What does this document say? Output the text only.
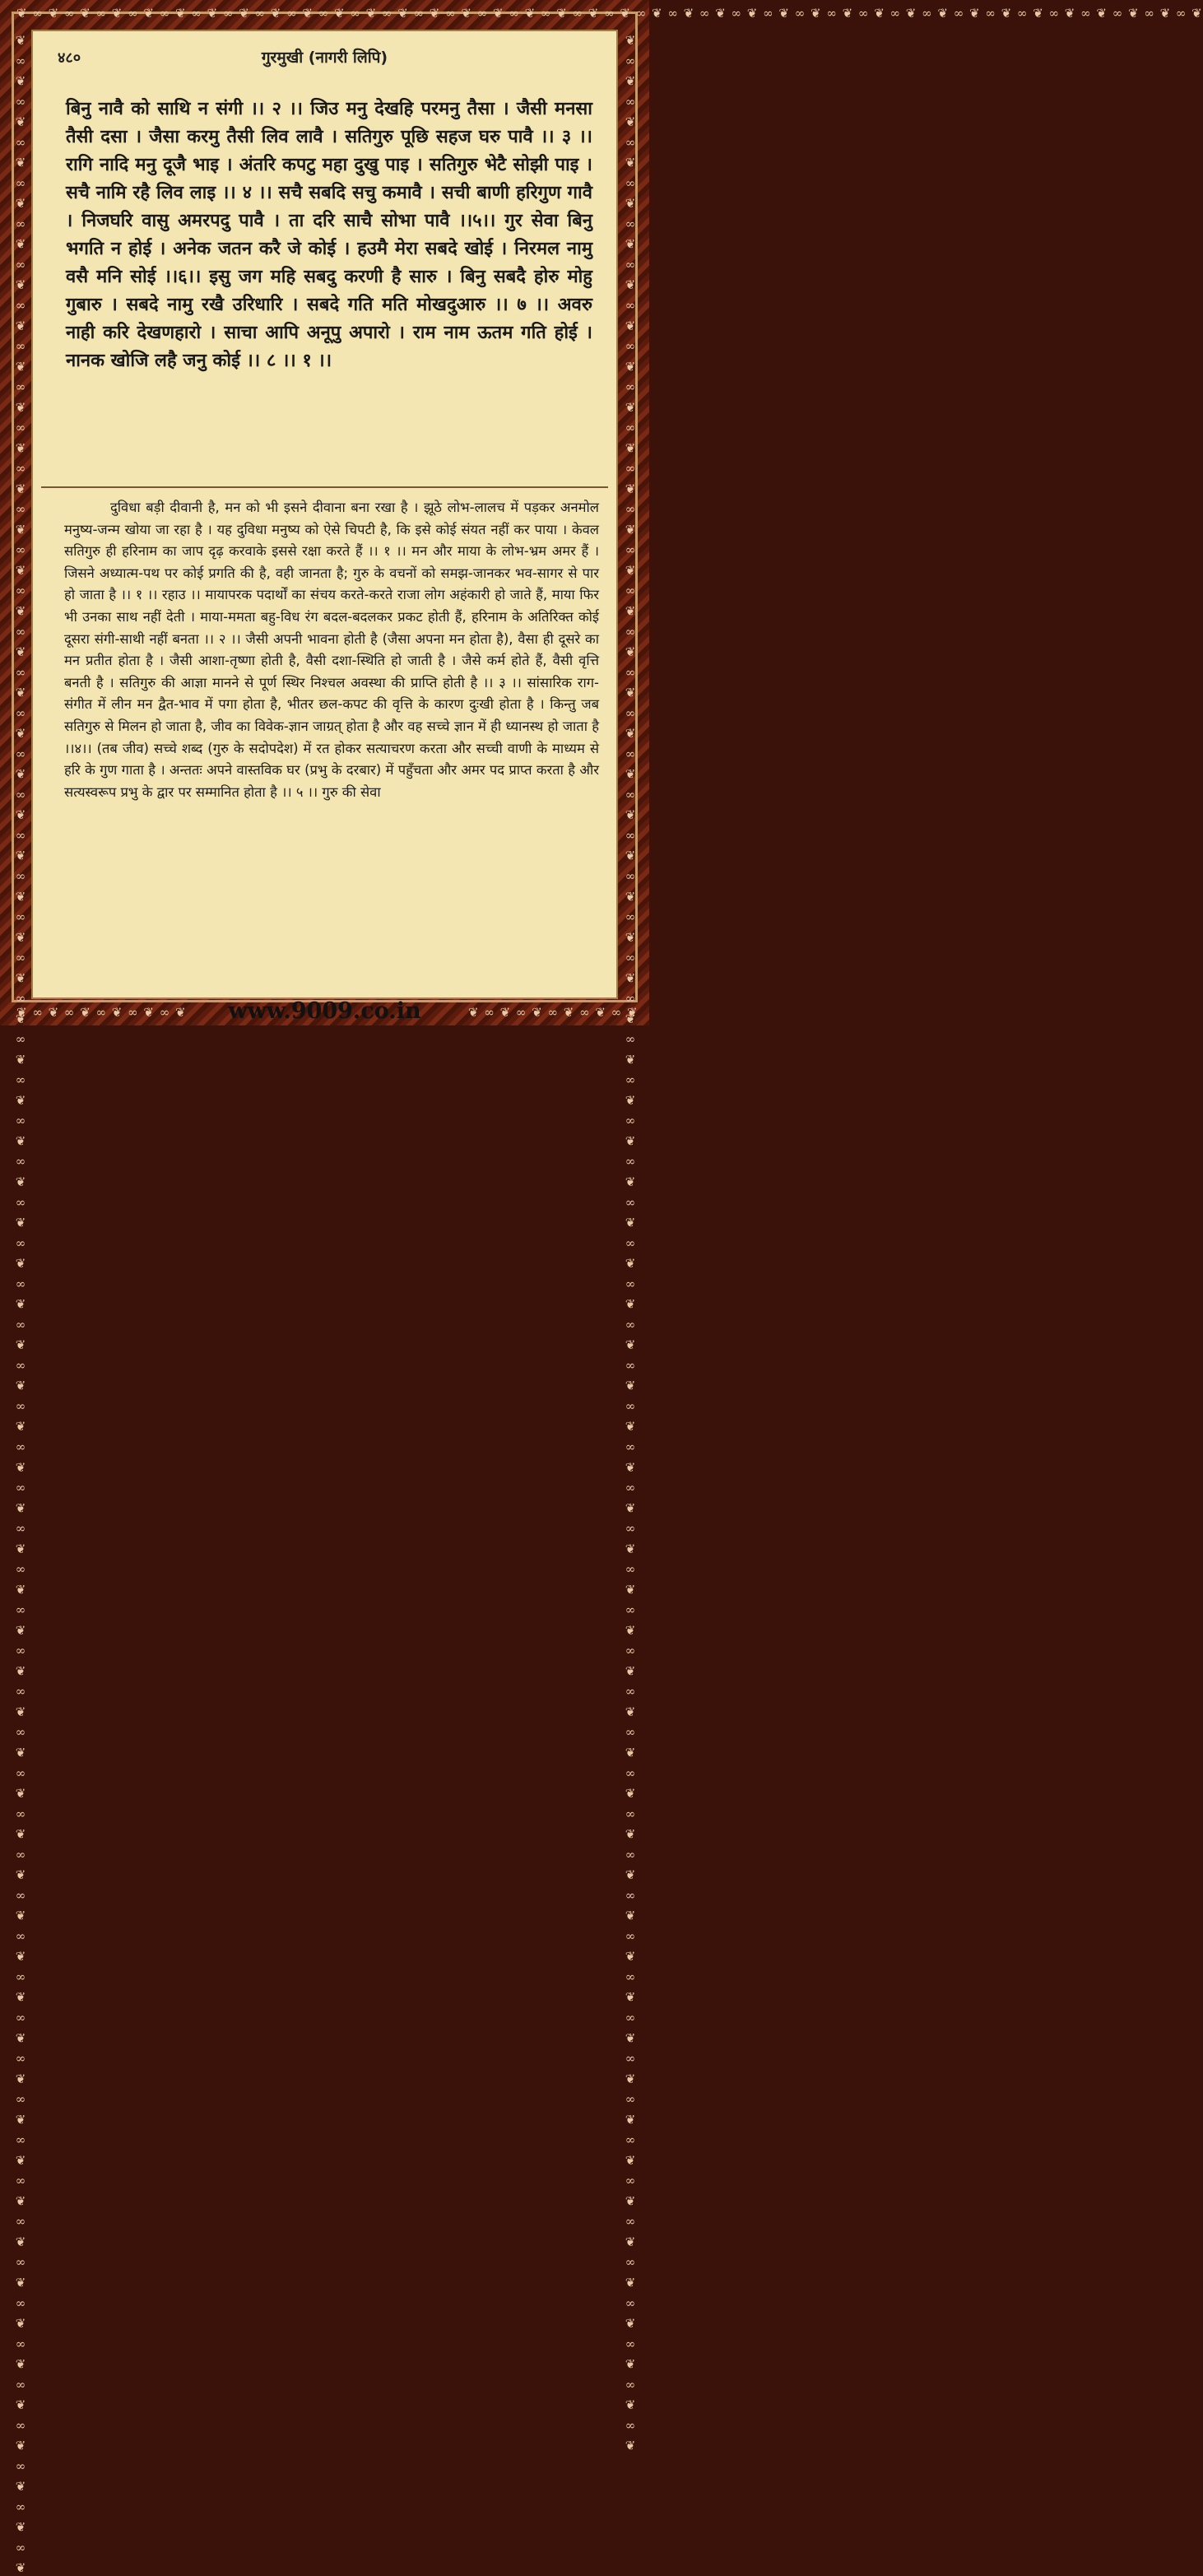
❦ ∞ ❦ ∞ ❦ ∞ ❦ ∞ ❦ ∞ ❦ ∞ ❦ ∞ ❦ ∞ ❦ ∞ ❦ ∞ ❦ ∞ ❦ ∞ ❦ ∞ ❦ ∞ ❦ ∞ ❦ ∞ ❦ ∞ ❦ ∞ ❦ ∞ ❦ ∞ ❦ ∞ ❦ ∞ ❦ ∞ ❦ ∞ ❦ ∞ ❦ ∞ ❦ ∞ ❦ ∞ ❦ ∞ ❦ ∞ ❦ ∞ ❦ ∞ ❦ ∞ ❦ ∞ ❦ ∞ ❦ ∞ ❦ ∞ ❦
❦ ∞ ❦ ∞ ❦ ∞ ❦ ∞ ❦ ∞ ❦ ∞ ❦ ∞ ❦ ∞ ❦ ∞ ❦ ∞ ❦ ∞ ❦ ∞ ❦ ∞ ❦ ∞ ❦ ∞ ❦ ∞ ❦ ∞ ❦ ∞ ❦ ∞ ❦ ∞ ❦ ∞ ❦ ∞ ❦ ∞ ❦ ∞ ❦ ∞ ❦ ∞ ❦ ∞ ❦ ∞ ❦ ∞ ❦ ∞ ❦ ∞ ❦ ∞ ❦ ∞ ❦ ∞ ❦ ∞ ❦ ∞ ❦ ∞ ❦ ∞ ❦ ∞ ❦ ∞ ❦ ∞ ❦ ∞ ❦ ∞ ❦ ∞ ❦ ∞ ❦ ∞ ❦ ∞ ❦ ∞ ❦ ∞ ❦ ∞ ❦ ∞ ❦ ∞ ❦ ∞ ❦ ∞ ❦ ∞ ❦ ∞ ❦ ∞ ❦ ∞ ❦ ∞ ❦ ∞ ❦ ∞ ❦ ∞ ❦	❦ ∞ ❦ ∞ ❦ ∞ ❦ ∞ ❦ ∞ ❦ ∞ ❦ ∞ ❦ ∞ ❦ ∞ ❦ ∞ ❦ ∞ ❦ ∞ ❦ ∞ ❦ ∞ ❦ ∞ ❦ ∞ ❦ ∞ ❦ ∞ ❦ ∞ ❦ ∞ ❦ ∞ ❦ ∞ ❦ ∞ ❦ ∞ ❦ ∞ ❦ ∞ ❦ ∞ ❦ ∞ ❦ ∞ ❦ ∞ ❦ ∞ ❦ ∞ ❦ ∞ ❦ ∞ ❦ ∞ ❦ ∞ ❦ ∞ ❦ ∞ ❦ ∞ ❦ ∞ ❦ ∞ ❦ ∞ ❦ ∞ ❦ ∞ ❦ ∞ ❦ ∞ ❦ ∞ ❦ ∞ ❦ ∞ ❦ ∞ ❦ ∞ ❦ ∞ ❦ ∞ ❦ ∞ ❦ ∞ ❦ ∞ ❦ ∞ ❦ ∞ ❦ ∞ ❦
❦ ∞ ❦ ∞ ❦ ∞ ❦ ∞ ❦ ∞ ❦	❦ ∞ ❦ ∞ ❦ ∞ ❦ ∞ ❦ ∞ ❦
४८०	गुरमुखी (नागरी लिपि)
बिनु नावै को साथि न संगी ।। २ ।। जिउ मनु देखहि परमनु तैसा । जैसी मनसा तैसी दसा । जैसा करमु तैसी लिव लावै । सतिगुरु पूछि सहज घरु पावै ।। ३ ।। रागि नादि मनु दूजै भाइ । अंतरि कपटु महा दुखु पाइ । सतिगुरु भेटै सोझी पाइ । सचै नामि रहै लिव लाइ ।। ४ ।। सचै सबदि सचु कमावै । सची बाणी हरिगुण गावै । निजघरि वासु अमरपदु पावै । ता दरि साचै सोभा पावै ।।५।। गुर सेवा बिनु भगति न होई । अनेक जतन करै जे कोई । हउमै मेरा सबदे खोई । निरमल नामु वसै मनि सोई ।।६।। इसु जग महि सबदु करणी है सारु । बिनु सबदै होरु मोहु गुबारु । सबदे नामु रखै उरिधारि । सबदे गति मति मोखदुआरु ।। ७ ।। अवरु नाही करि देखणहारो । साचा आपि अनूपु अपारो । राम नाम ऊतम गति होई । नानक खोजि लहै जनु कोई ।। ८ ।। १ ।।

दुविधा बड़ी दीवानी है, मन को भी इसने दीवाना बना रखा है । झूठे लोभ-लालच में पड़कर अनमोल मनुष्य-जन्म खोया जा रहा है । यह दुविधा मनुष्य को ऐसे चिपटी है, कि इसे कोई संयत नहीं कर पाया । केवल सतिगुरु ही हरिनाम का जाप दृढ़ करवाके इससे रक्षा करते हैं ।। १ ।। मन और माया के लोभ-भ्रम अमर हैं । जिसने अध्यात्म-पथ पर कोई प्रगति की है, वही जानता है; गुरु के वचनों को समझ-जानकर भव-सागर से पार हो जाता है ।। १ ।। रहाउ ।। मायापरक पदार्थों का संचय करते-करते राजा लोग अहंकारी हो जाते हैं, माया फिर भी उनका साथ नहीं देती । माया-ममता बहु-विध रंग बदल-बदलकर प्रकट होती हैं, हरिनाम के अतिरिक्त कोई दूसरा संगी-साथी नहीं बनता ।। २ ।। जैसी अपनी भावना होती है (जैसा अपना मन होता है), वैसा ही दूसरे का मन प्रतीत होता है । जैसी आशा-तृष्णा होती है, वैसी दशा-स्थिति हो जाती है । जैसे कर्म होते हैं, वैसी वृत्ति बनती है । सतिगुरु की आज्ञा मानने से पूर्ण स्थिर निश्चल अवस्था की प्राप्ति होती है ।। ३ ।। सांसारिक राग-संगीत में लीन मन द्वैत-भाव में पगा होता है, भीतर छल-कपट की वृत्ति के कारण दुःखी होता है । किन्तु जब सतिगुरु से मिलन हो जाता है, जीव का विवेक-ज्ञान जाग्रत् होता है और वह सच्चे ज्ञान में ही ध्यानस्थ हो जाता है ।।४।। (तब जीव) सच्चे शब्द (गुरु के सदोपदेश) में रत होकर सत्याचरण करता और सच्ची वाणी के माध्यम से हरि के गुण गाता है । अन्ततः अपने वास्तविक घर (प्रभु के दरबार) में पहुँचता और अमर पद प्राप्त करता है और सत्यस्वरूप प्रभु के द्वार पर सम्मानित होता है ।। ५ ।। गुरु की सेवा

www.9009.co.in
